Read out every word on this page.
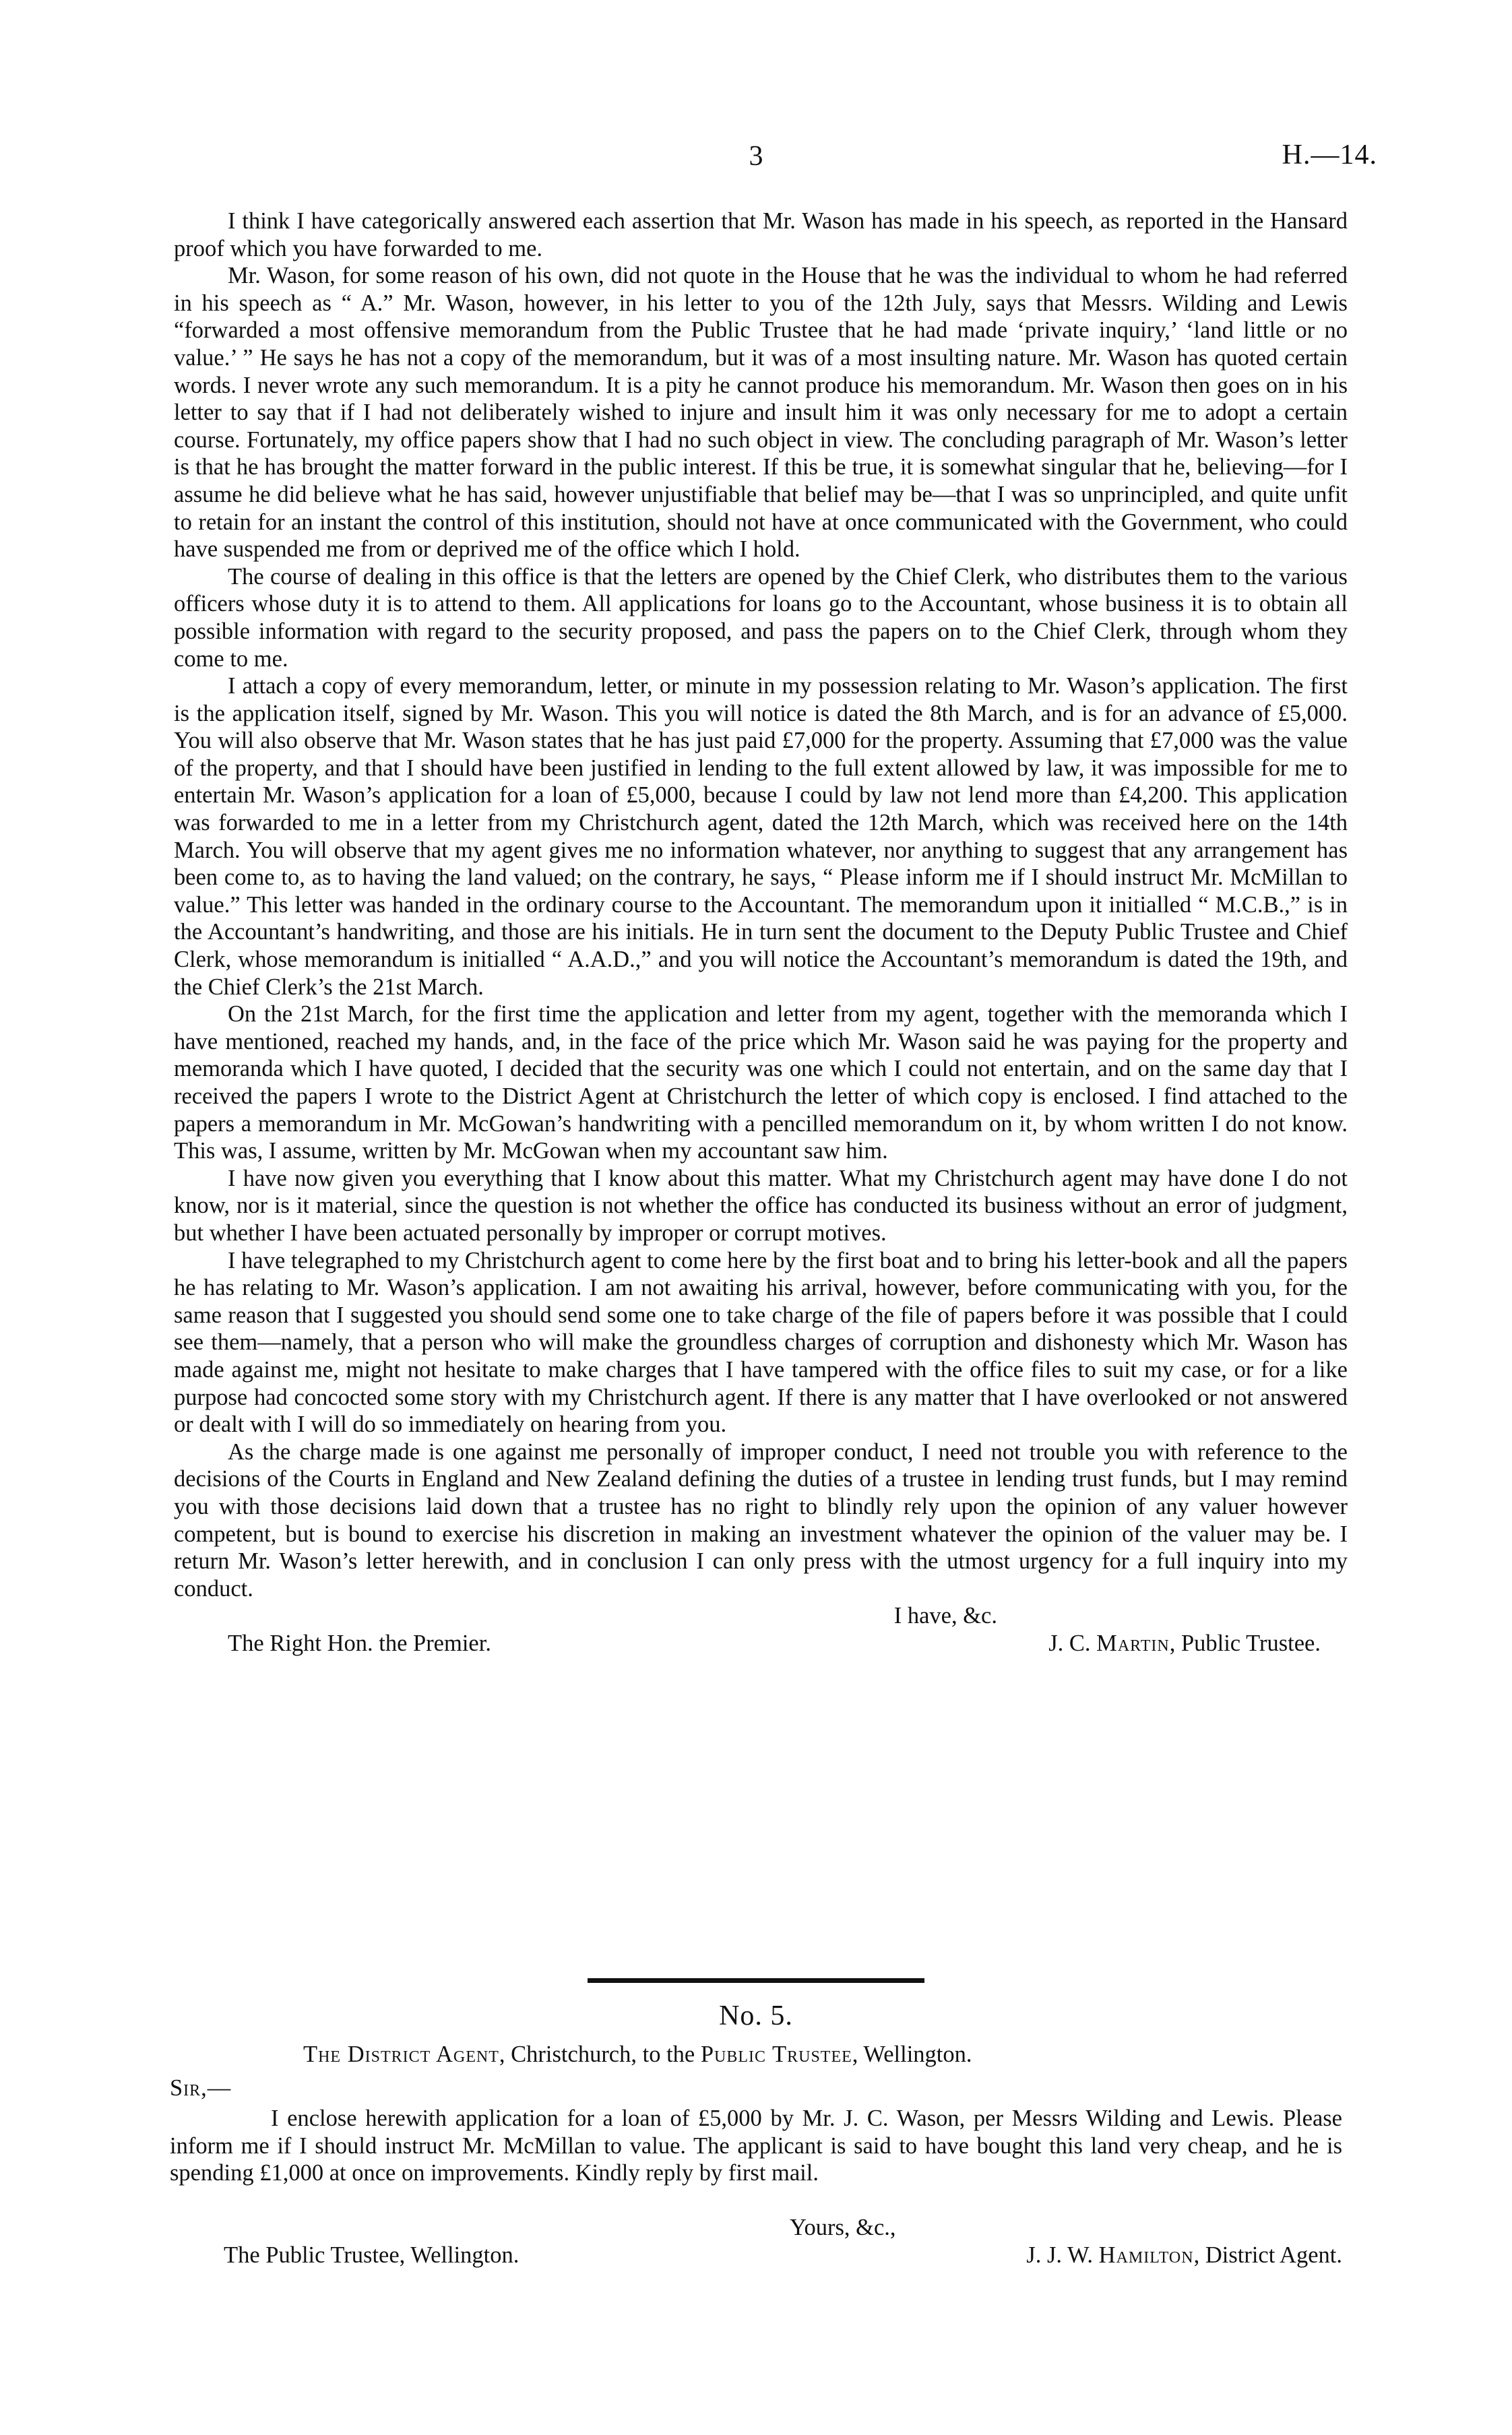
3	H.—14.

I think I have categorically answered each assertion that Mr. Wason has made in his speech, as reported in the Hansard proof which you have forwarded to me.

Mr. Wason, for some reason of his own, did not quote in the House that he was the individual to whom he had referred in his speech as “ A.” Mr. Wason, however, in his letter to you of the 12th July, says that Messrs. Wilding and Lewis “forwarded a most offensive memorandum from the Public Trustee that he had made ‘private inquiry,’ ‘land little or no value.’ ” He says he has not a copy of the memorandum, but it was of a most insulting nature. Mr. Wason has quoted certain words. I never wrote any such memorandum. It is a pity he cannot produce his memorandum. Mr. Wason then goes on in his letter to say that if I had not deliberately wished to injure and insult him it was only necessary for me to adopt a certain course. Fortunately, my office papers show that I had no such object in view. The concluding paragraph of Mr. Wason’s letter is that he has brought the matter forward in the public interest. If this be true, it is somewhat singular that he, believing—for I assume he did believe what he has said, however unjustifiable that belief may be—that I was so unprincipled, and quite unfit to retain for an instant the control of this institution, should not have at once communicated with the Government, who could have suspended me from or deprived me of the office which I hold.

The course of dealing in this office is that the letters are opened by the Chief Clerk, who distributes them to the various officers whose duty it is to attend to them. All applications for loans go to the Accountant, whose business it is to obtain all possible information with regard to the security proposed, and pass the papers on to the Chief Clerk, through whom they come to me.

I attach a copy of every memorandum, letter, or minute in my possession relating to Mr. Wason’s application. The first is the application itself, signed by Mr. Wason. This you will notice is dated the 8th March, and is for an advance of £5,000. You will also observe that Mr. Wason states that he has just paid £7,000 for the property. Assuming that £7,000 was the value of the property, and that I should have been justified in lending to the full extent allowed by law, it was impossible for me to entertain Mr. Wason’s application for a loan of £5,000, because I could by law not lend more than £4,200. This application was forwarded to me in a letter from my Christchurch agent, dated the 12th March, which was received here on the 14th March. You will observe that my agent gives me no information whatever, nor anything to suggest that any arrangement has been come to, as to having the land valued; on the contrary, he says, “ Please inform me if I should instruct Mr. McMillan to value.” This letter was handed in the ordinary course to the Accountant. The memorandum upon it initialled “ M.C.B.,” is in the Accountant’s handwriting, and those are his initials. He in turn sent the document to the Deputy Public Trustee and Chief Clerk, whose memorandum is initialled “ A.A.D.,” and you will notice the Accountant’s memorandum is dated the 19th, and the Chief Clerk’s the 21st March.

On the 21st March, for the first time the application and letter from my agent, together with the memoranda which I have mentioned, reached my hands, and, in the face of the price which Mr. Wason said he was paying for the property and memoranda which I have quoted, I decided that the security was one which I could not entertain, and on the same day that I received the papers I wrote to the District Agent at Christchurch the letter of which copy is enclosed. I find attached to the papers a memorandum in Mr. McGowan’s handwriting with a pencilled memorandum on it, by whom written I do not know. This was, I assume, written by Mr. McGowan when my accountant saw him.

I have now given you everything that I know about this matter. What my Christchurch agent may have done I do not know, nor is it material, since the question is not whether the office has conducted its business without an error of judgment, but whether I have been actuated personally by improper or corrupt motives.

I have telegraphed to my Christchurch agent to come here by the first boat and to bring his letter-book and all the papers he has relating to Mr. Wason’s application. I am not awaiting his arrival, however, before communicating with you, for the same reason that I suggested you should send some one to take charge of the file of papers before it was possible that I could see them—namely, that a person who will make the groundless charges of corruption and dishonesty which Mr. Wason has made against me, might not hesitate to make charges that I have tampered with the office files to suit my case, or for a like purpose had concocted some story with my Christchurch agent. If there is any matter that I have overlooked or not answered or dealt with I will do so immediately on hearing from you.

As the charge made is one against me personally of improper conduct, I need not trouble you with reference to the decisions of the Courts in England and New Zealand defining the duties of a trustee in lending trust funds, but I may remind you with those decisions laid down that a trustee has no right to blindly rely upon the opinion of any valuer however competent, but is bound to exercise his discretion in making an investment whatever the opinion of the valuer may be. I return Mr. Wason’s letter herewith, and in conclusion I can only press with the utmost urgency for a full inquiry into my conduct.

I have, &c.
The Right Hon. the Premier.	J. C. Martin, Public Trustee.
No. 5.
The District Agent, Christchurch, to the Public Trustee, Wellington.
Sir,—

I enclose herewith application for a loan of £5,000 by Mr. J. C. Wason, per Messrs Wilding and Lewis. Please inform me if I should instruct Mr. McMillan to value. The applicant is said to have bought this land very cheap, and he is spending £1,000 at once on improvements. Kindly reply by first mail.

Yours, &c.,
The Public Trustee, Wellington.	J. J. W. Hamilton, District Agent.
